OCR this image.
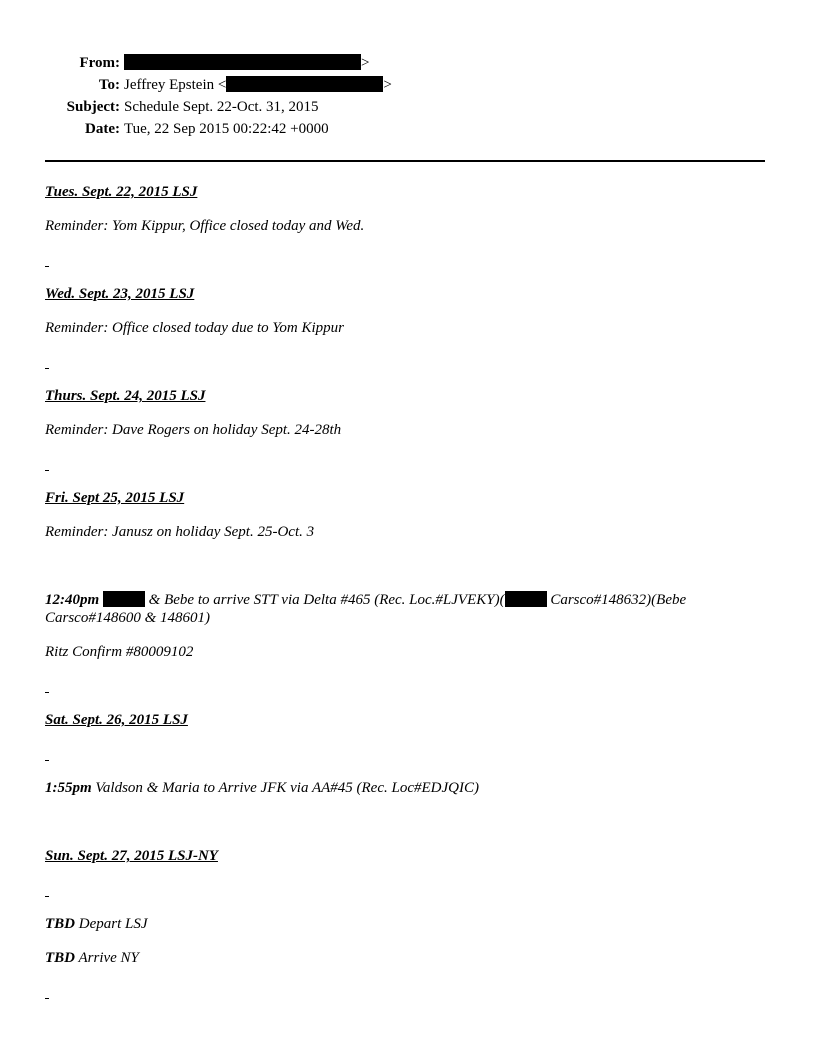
From:	>
To: Jeffrey Epstein <	>
Subject: Schedule Sept. 22-Oct. 31, 2015
Date: Tue, 22 Sep 2015 00:22:42 +0000
Tues. Sept. 22, 2015 LSJ
Reminder: Yom Kippur, Office closed today and Wed.
Wed. Sept. 23, 2015 LSJ
Reminder: Office closed today due to Yom Kippur
Thurs. Sept. 24, 2015 LSJ
Reminder: Dave Rogers on holiday Sept. 24-28th
Fri. Sept 25, 2015 LSJ
Reminder: Janusz on holiday Sept. 25-Oct. 3
12:40pm	& Bebe to arrive STT via Delta #465 (Rec. Loc.#LJVEKY)(	Carsco#148632)(Bebe
Carsco#148600 & 148601)
Ritz Confirm #80009102
Sat. Sept. 26, 2015 LSJ
1:55pm Valdson & Maria to Arrive JFK via AA#45 (Rec. Loc#EDJQIC)
Sun. Sept. 27, 2015 LSJ-NY
TBD Depart LSJ
TBD Arrive NY
